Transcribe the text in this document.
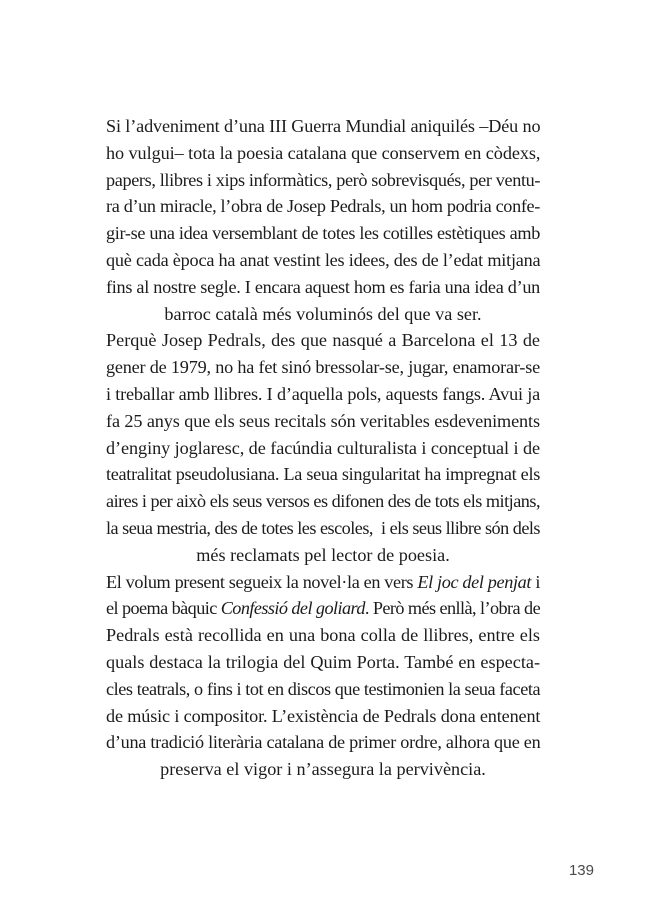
Si l’adveniment d’una III Guerra Mundial aniquilés –Déu no
ho vulgui– tota la poesia catalana que conservem en còdexs,
papers, llibres i xips informàtics, però sobrevisqués, per ventu-
ra d’un miracle, l’obra de Josep Pedrals, un hom podria confe-
gir-se una idea versemblant de totes les cotilles estètiques amb
què cada època ha anat vestint les idees, des de l’edat mitjana
fins al nostre segle. I encara aquest hom es faria una idea d’un
barroc català més voluminós del que va ser.
Perquè Josep Pedrals, des que nasqué a Barcelona el 13 de
gener de 1979, no ha fet sinó bressolar-se, jugar, enamorar-se
i treballar amb llibres. I d’aquella pols, aquests fangs. Avui ja
fa 25 anys que els seus recitals són veritables esdeveniments
d’enginy joglaresc, de facúndia culturalista i conceptual i de
teatralitat pseudolusiana. La seua singularitat ha impregnat els
aires i per això els seus versos es difonen des de tots els mitjans,
la seua mestria, des de totes les escoles,  i els seus llibre són dels
més reclamats pel lector de poesia.
El volum present segueix la novel·la en vers El joc del penjat i
el poema bàquic Confessió del goliard. Però més enllà, l’obra de
Pedrals està recollida en una bona colla de llibres, entre els
quals destaca la trilogia del Quim Porta. També en especta-
cles teatrals, o fins i tot en discos que testimonien la seua faceta
de músic i compositor. L’existència de Pedrals dona entenent
d’una tradició literària catalana de primer ordre, alhora que en
preserva el vigor i n’assegura la pervivència.
139
